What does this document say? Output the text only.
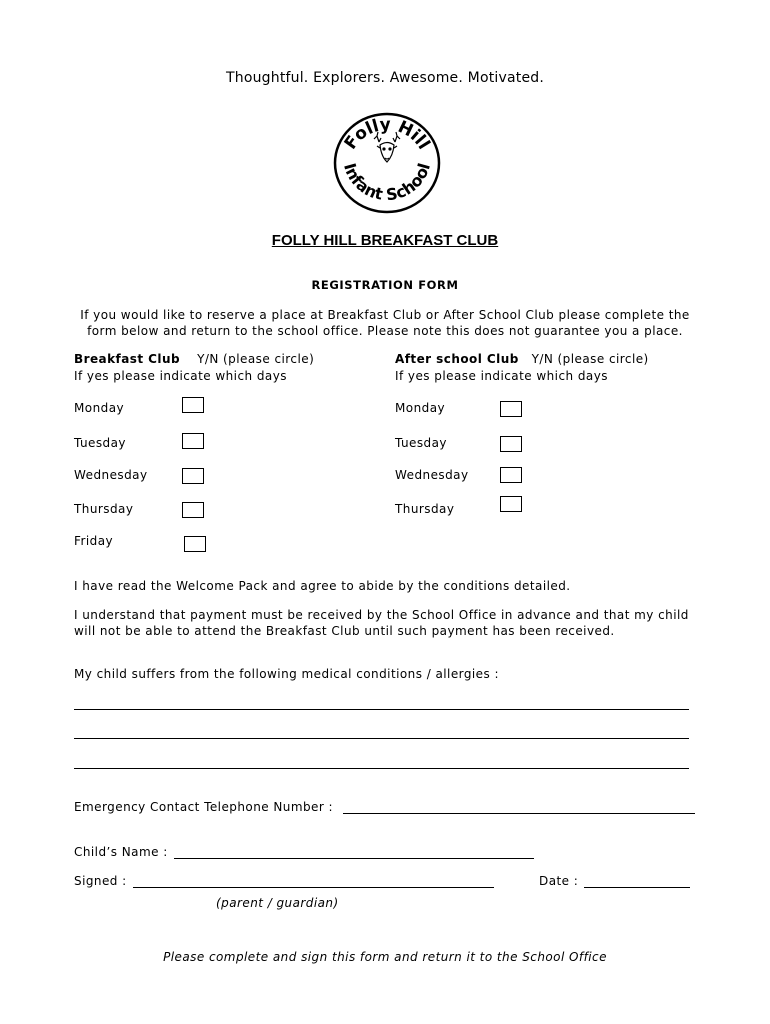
Thoughtful. Explorers. Awesome. Motivated.
Folly Hill
Infant School
FOLLY HILL BREAKFAST CLUB
REGISTRATION FORM
If you would like to reserve a place at Breakfast Club or After School Club please complete the form below and return to the school office. Please note this does not guarantee you a place.
Breakfast Club Y/N (please circle)
If yes please indicate which days
Monday
Tuesday
Wednesday
Thursday
Friday
After school Club Y/N (please circle)
If yes please indicate which days
Monday
Tuesday
Wednesday
Thursday
I have read the Welcome Pack and agree to abide by the conditions detailed.
I understand that payment must be received by the School Office in advance and that my child
will not be able to attend the Breakfast Club until such payment has been received.
My child suffers from the following medical conditions / allergies :
Emergency Contact Telephone Number :
Child’s Name :
Signed :	Date :
(parent / guardian)
Please complete and sign this form and return it to the School Office
